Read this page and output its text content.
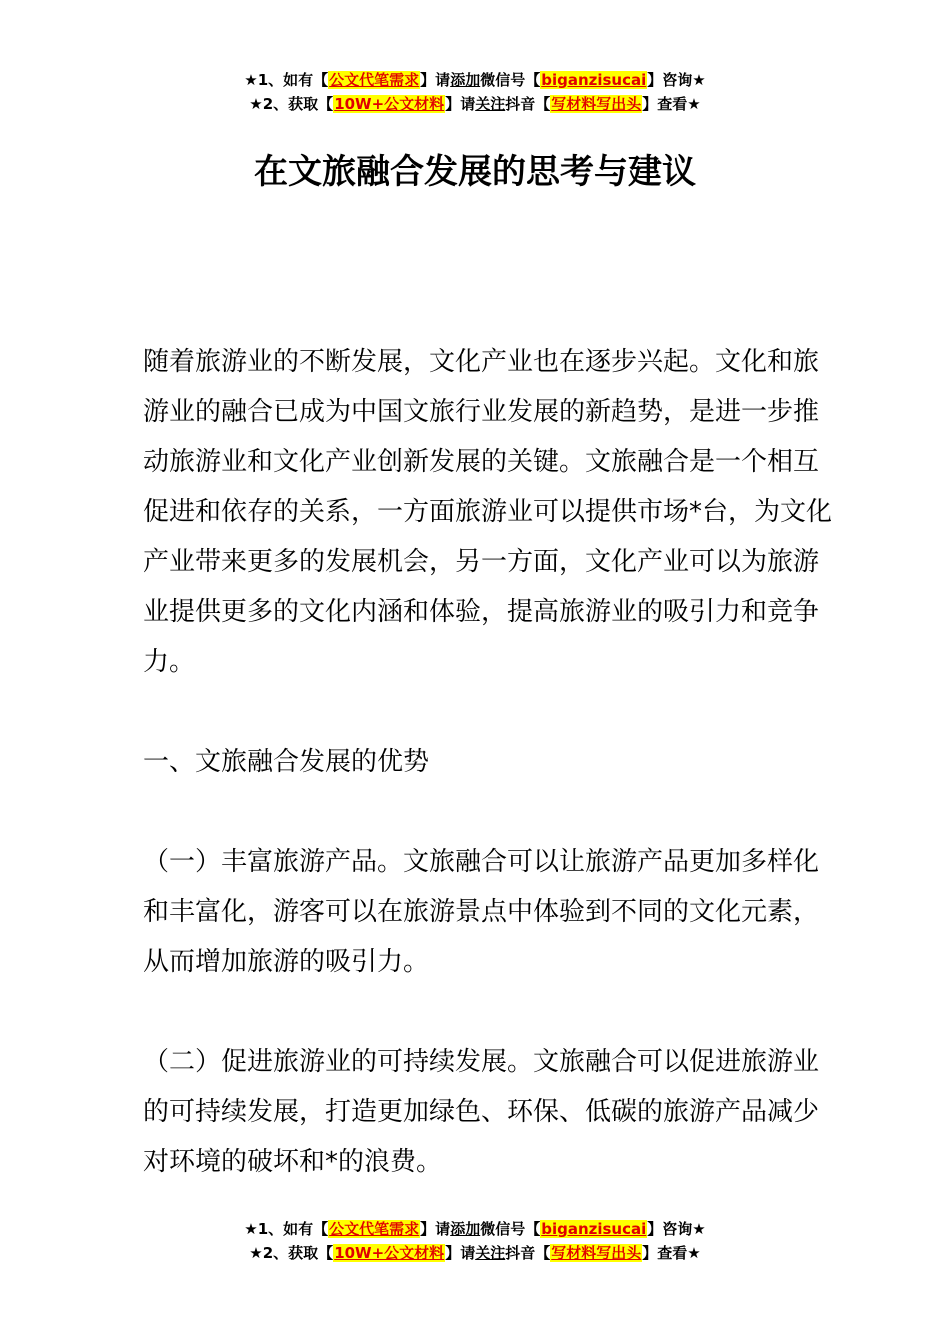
★1、如有【公文代笔需求】请添加微信号【biganzisucai】咨询★
★2、获取【10W+公文材料】请关注抖音【写材料写出头】查看★
在文旅融合发展的思考与建议

随着旅游业的不断发展，文化产业也在逐步兴起。文化和旅游业的融合已成为中国文旅行业发展的新趋势，是进一步推动旅游业和文化产业创新发展的关键。文旅融合是一个相互促进和依存的关系，一方面旅游业可以提供市场*台，为文化产业带来更多的发展机会，另一方面，文化产业可以为旅游业提供更多的文化内涵和体验，提高旅游业的吸引力和竞争力。

一、文旅融合发展的优势

（一）丰富旅游产品。文旅融合可以让旅游产品更加多样化和丰富化，游客可以在旅游景点中体验到不同的文化元素，从而增加旅游的吸引力。

（二）促进旅游业的可持续发展。文旅融合可以促进旅游业的可持续发展，打造更加绿色、环保、低碳的旅游产品减少对环境的破坏和*的浪费。

★1、如有【公文代笔需求】请添加微信号【biganzisucai】咨询★
★2、获取【10W+公文材料】请关注抖音【写材料写出头】查看★
